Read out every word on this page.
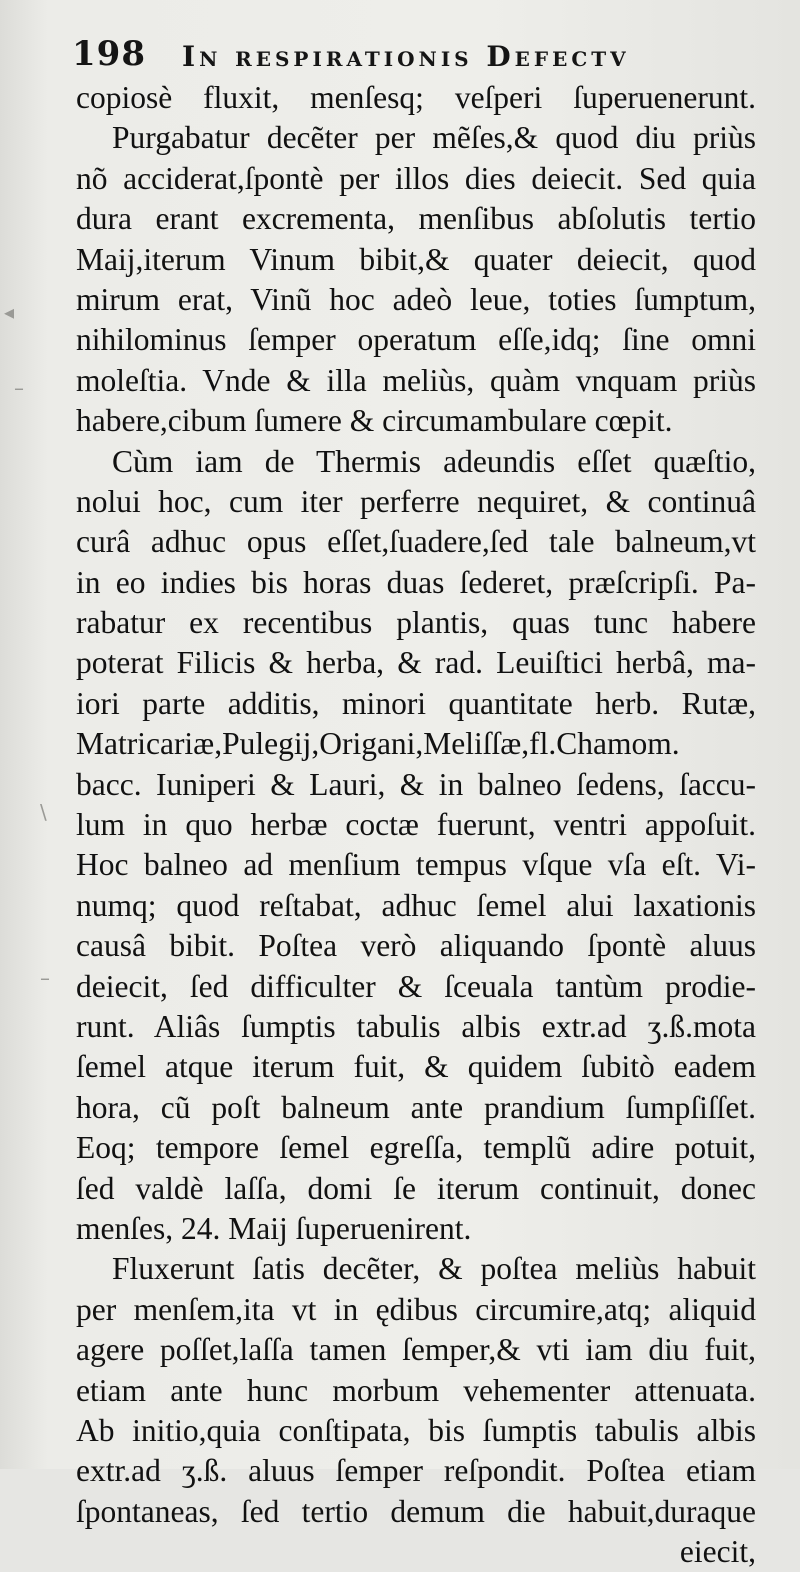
◂
–
\
–
198 In respirationis Defectv
copiosè fluxit, menſesq; veſperi ſuperuenerunt.
Purgabatur decẽter per mẽſes,& quod diu priùs
nõ acciderat,ſpontè per illos dies deiecit. Sed quia
dura erant excrementa, menſibus abſolutis tertio
Maij,iterum Vinum bibit,& quater deiecit, quod
mirum erat, Vinũ hoc adeò leue, toties ſumptum,
nihilominus ſemper operatum eſſe,idq; ſine omni
moleſtia. Vnde & illa meliùs, quàm vnquam priùs
habere,cibum ſumere & circumambulare cœpit.
Cùm iam de Thermis adeundis eſſet quæſtio,
nolui hoc, cum iter perferre nequiret, & continuâ
curâ adhuc opus eſſet,ſuadere,ſed tale balneum,vt
in eo indies bis horas duas ſederet, præſcripſi. Pa-
rabatur ex recentibus plantis, quas tunc habere
poterat Filicis & herba, & rad. Leuiſtici herbâ, ma-
iori parte additis, minori quantitate herb. Rutæ,
Matricariæ,Pulegij,Origani,Meliſſæ,fl.Chamom.
bacc. Iuniperi & Lauri, & in balneo ſedens, ſaccu-
lum in quo herbæ coctæ fuerunt, ventri appoſuit.
Hoc balneo ad menſium tempus vſque vſa eſt. Vi-
numq; quod reſtabat, adhuc ſemel alui laxationis
causâ bibit. Poſtea verò aliquando ſpontè aluus
deiecit, ſed difficulter & ſceuala tantùm prodie-
runt. Aliâs ſumptis tabulis albis extr.ad ʒ.ß.mota
ſemel atque iterum fuit, & quidem ſubitò eadem
hora, cũ poſt balneum ante prandium ſumpſiſſet.
Eoq; tempore ſemel egreſſa, templũ adire potuit,
ſed valdè laſſa, domi ſe iterum continuit, donec
menſes, 24. Maij ſuperuenirent.
Fluxerunt ſatis decẽter, & poſtea meliùs habuit
per menſem,ita vt in ędibus circumire,atq; aliquid
agere poſſet,laſſa tamen ſemper,& vti iam diu fuit,
etiam ante hunc morbum vehementer attenuata.
Ab initio,quia conſtipata, bis ſumptis tabulis albis
extr.ad ʒ.ß. aluus ſemper reſpondit. Poſtea etiam
ſpontaneas, ſed tertio demum die habuit,duraque
eiecit,
